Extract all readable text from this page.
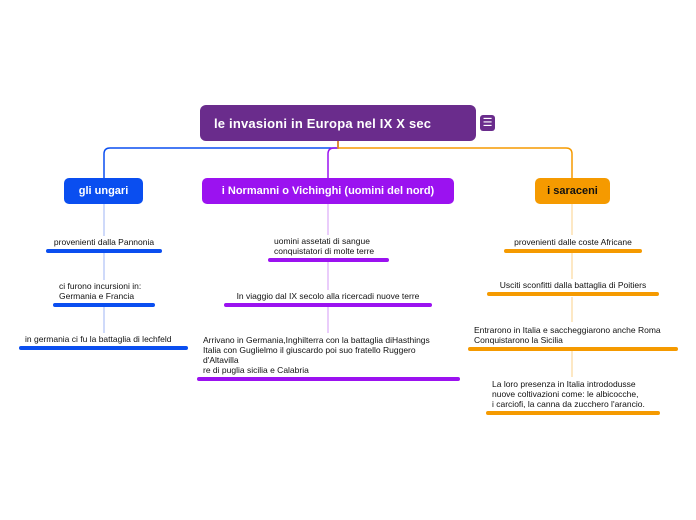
le invasioni in Europa nel IX X sec	☰
gli ungari
provenienti dalla Pannonia
ci furono incursioni in:
Germania e Francia
in germania ci fu la battaglia di lechfeld
i Normanni o Vichinghi (uomini del nord)
uomini assetati di sangue
conquistatori di molte terre
In viaggio dal IX secolo alla ricercadi nuove terre
Arrivano in Germania,Inghilterra con la battaglia diHasthings
Italia con Guglielmo il giuscardo poi suo fratello Ruggero
d'Altavilla
re di puglia sicilia e Calabria
i saraceni
provenienti dalle coste Africane
Usciti sconfitti dalla battaglia di Poitiers
Entrarono in Italia e saccheggiarono anche Roma
Conquistarono la Sicilia
La loro presenza in Italia intrododusse
nuove coltivazioni come: le albicocche,
i carciofi, la canna da zucchero l'arancio.
